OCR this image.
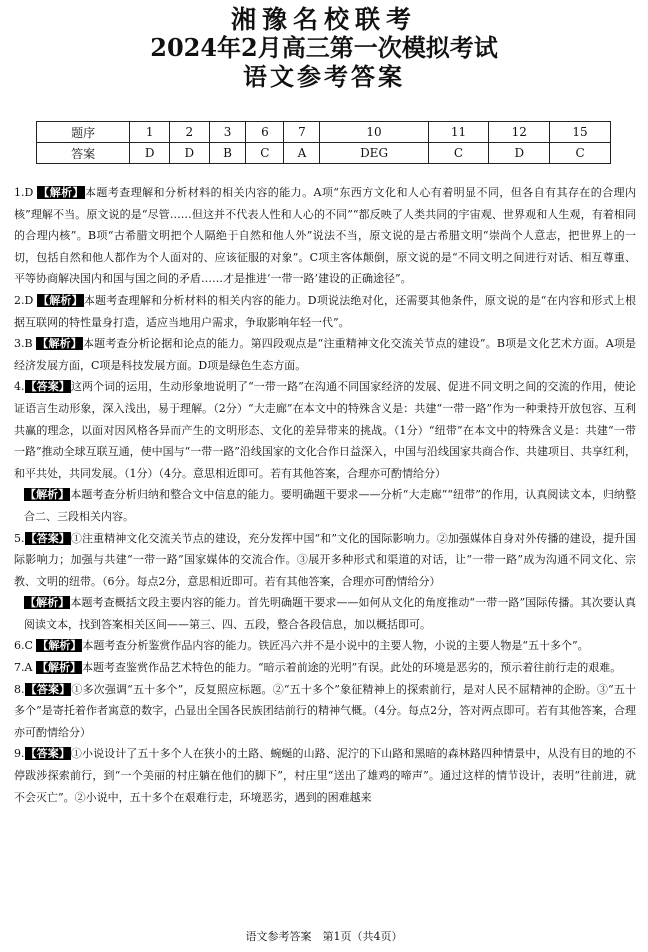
湘豫名校联考
2024年2月高三第一次模拟考试
语文参考答案
题序	1	2	3	6	7	10	11	12	15
答案	D	D	B	C	A	DEG	C	D	C

1.D 【解析】本题考查理解和分析材料的相关内容的能力。A项“东西方文化和人心有着明显不同，但各自有其存在的合理内核”理解不当。原文说的是“尽管……但这并不代表人性和人心的不同”“都反映了人类共同的宇宙观、世界观和人生观，有着相同的合理内核”。B项“古希腊文明把个人隔绝于自然和他人外”说法不当，原文说的是古希腊文明“崇尚个人意志，把世界上的一切，包括自然和他人都作为个人面对的、应该征服的对象”。C项主客体颠倒，原文说的是“不同文明之间进行对话、相互尊重、平等协商解决国内和国与国之间的矛盾……才是推进‘一带一路’建设的正确途径”。

2.D 【解析】本题考查理解和分析材料的相关内容的能力。D项说法绝对化，还需要其他条件，原文说的是“在内容和形式上根据互联网的特性量身打造，适应当地用户需求，争取影响年轻一代”。

3.B 【解析】本题考查分析论据和论点的能力。第四段观点是“注重精神文化交流关节点的建设”。B项是文化艺术方面。A项是经济发展方面，C项是科技发展方面。D项是绿色生态方面。

4.【答案】这两个词的运用，生动形象地说明了“一带一路”在沟通不同国家经济的发展、促进不同文明之间的交流的作用，使论证语言生动形象，深入浅出，易于理解。（2分）“大走廊”在本文中的特殊含义是：共建“一带一路”作为一种秉持开放包容、互利共赢的理念，以面对因风格各异而产生的文明形态、文化的差异带来的挑战。（1分）“纽带”在本文中的特殊含义是：共建“一带一路”推动全球互联互通，使中国与“一带一路”沿线国家的文化合作日益深入，中国与沿线国家共商合作、共建项目、共享红利，和平共处，共同发展。（1分）（4分。意思相近即可。若有其他答案，合理亦可酌情给分）

【解析】本题考查分析归纳和整合文中信息的能力。要明确题干要求——分析“大走廊”“纽带”的作用，认真阅读文本，归纳整合二、三段相关内容。

5.【答案】①注重精神文化交流关节点的建设，充分发挥中国“和”文化的国际影响力。②加强媒体自身对外传播的建设，提升国际影响力；加强与共建“一带一路”国家媒体的交流合作。③展开多种形式和渠道的对话，让“一带一路”成为沟通不同文化、宗教、文明的纽带。（6分。每点2分，意思相近即可。若有其他答案，合理亦可酌情给分）

【解析】本题考查概括文段主要内容的能力。首先明确题干要求——如何从文化的角度推动“一带一路”国际传播。其次要认真阅读文本，找到答案相关区间——第三、四、五段，整合各段信息，加以概括即可。

6.C 【解析】本题考查分析鉴赏作品内容的能力。铁匠冯六并不是小说中的主要人物，小说的主要人物是“五十多个”。

7.A 【解析】本题考查鉴赏作品艺术特色的能力。“暗示着前途的光明”有误。此处的环境是恶劣的，预示着往前行走的艰难。

8.【答案】①多次强调“五十多个”，反复照应标题。②“五十多个”象征精神上的探索前行，是对人民不屈精神的企盼。③“五十多个”是寄托着作者寓意的数字，凸显出全国各民族团结前行的精神气概。（4分。每点2分，答对两点即可。若有其他答案，合理亦可酌情给分）

9.【答案】①小说设计了五十多个人在狭小的土路、蜿蜒的山路、泥泞的下山路和黑暗的森林路四种情景中，从没有目的地的不停跋涉探索前行，到“一个美丽的村庄躺在他们的脚下”，村庄里“送出了雄鸡的啼声”。通过这样的情节设计，表明“往前进，就不会灭亡”。②小说中，五十多个在艰难行走，环境恶劣，遇到的困难越来

语文参考答案　第1页（共4页）
